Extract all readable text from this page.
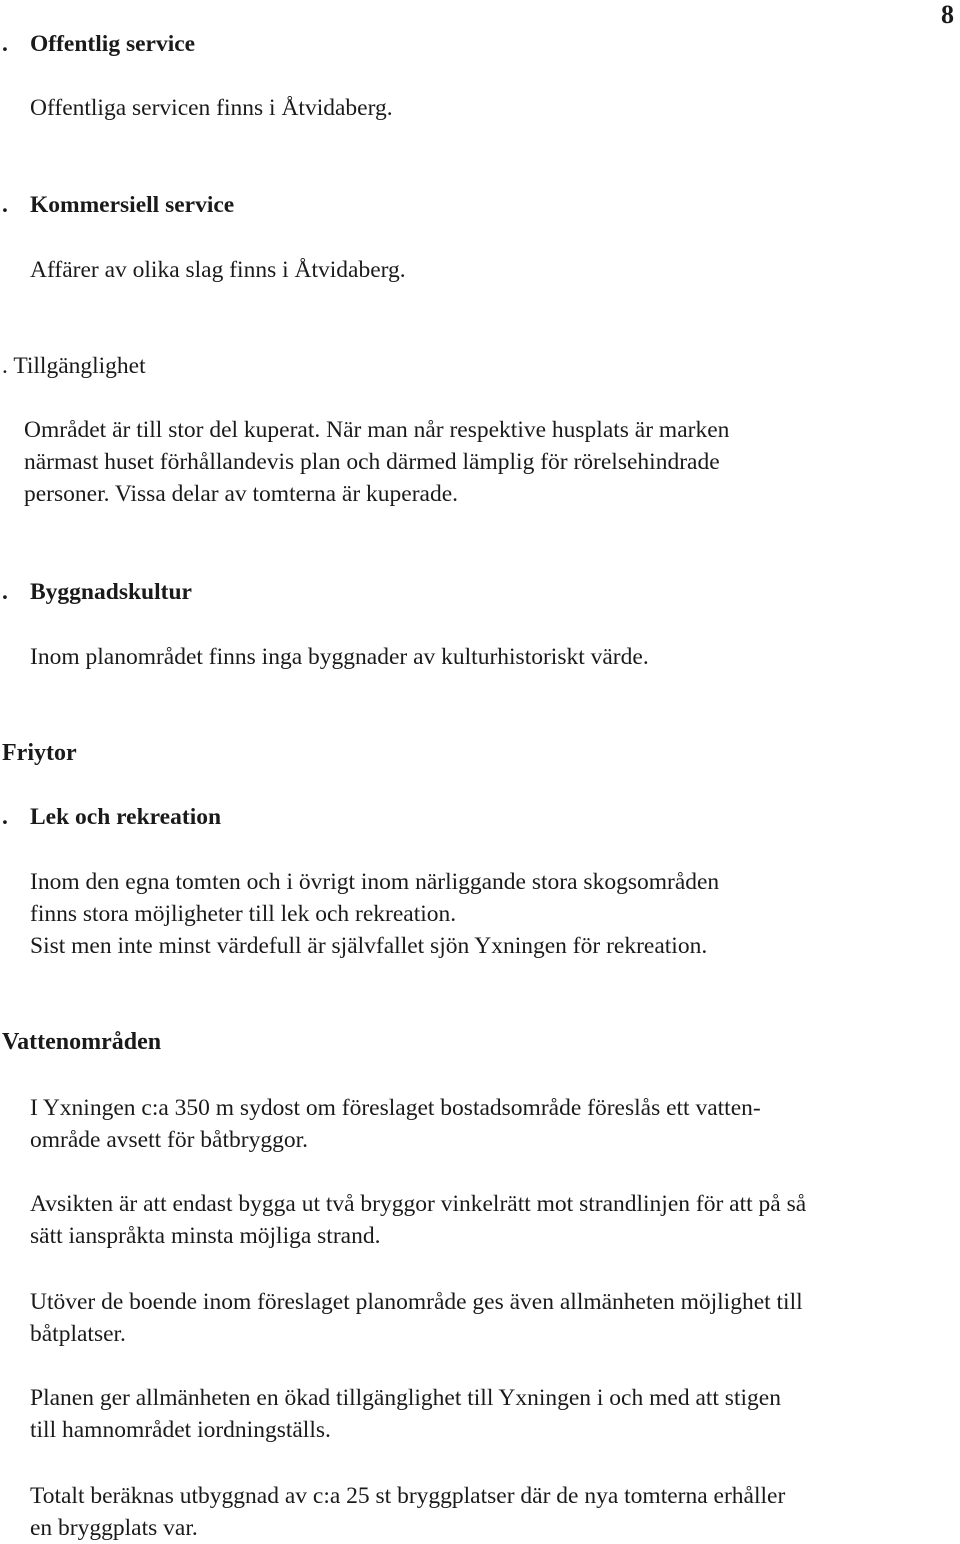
8
. Offentlig service

Offentliga servicen finns i Åtvidaberg.

. Kommersiell service

Affärer av olika slag finns i Åtvidaberg.

. Tillgänglighet
Området är till stor del kuperat. När man når respektive husplats är marken
närmast huset förhållandevis plan och därmed lämplig för rörelsehindrade
personer. Vissa delar av tomterna är kuperade.
. Byggnadskultur

Inom planområdet finns inga byggnader av kulturhistoriskt värde.

Friytor
. Lek och rekreation
Inom den egna tomten och i övrigt inom närliggande stora skogsområden
finns stora möjligheter till lek och rekreation.
Sist men inte minst värdefull är självfallet sjön Yxningen för rekreation.
Vattenområden
I Yxningen c:a 350 m sydost om föreslaget bostadsområde föreslås ett vatten-
område avsett för båtbryggor.
Avsikten är att endast bygga ut två bryggor vinkelrätt mot strandlinjen för att på så
sätt ianspråkta minsta möjliga strand.
Utöver de boende inom föreslaget planområde ges även allmänheten möjlighet till
båtplatser.
Planen ger allmänheten en ökad tillgänglighet till Yxningen i och med att stigen
till hamnområdet iordningställs.
Totalt beräknas utbyggnad av c:a 25 st bryggplatser där de nya tomterna erhåller
en bryggplats var.
